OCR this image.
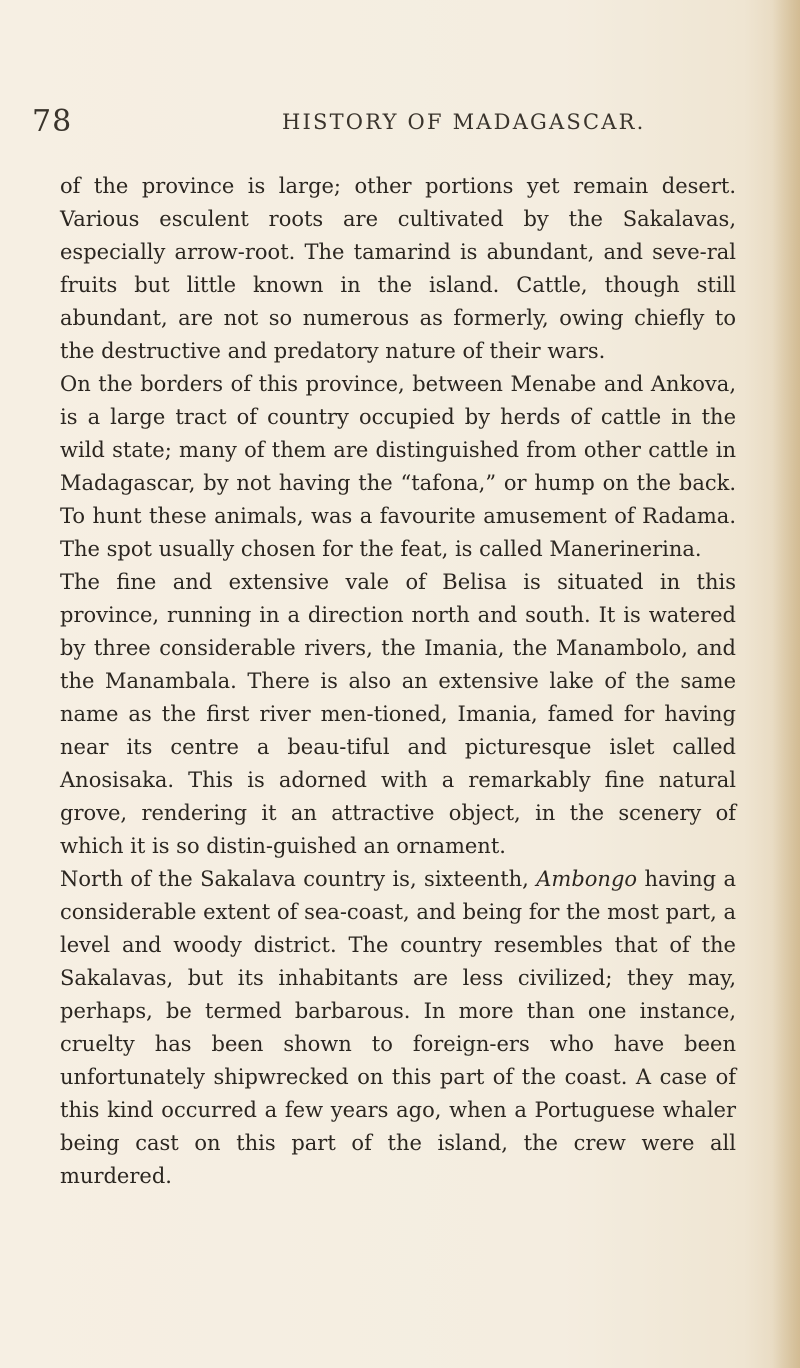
78	HISTORY OF MADAGASCAR.

of the province is large; other portions yet remain desert. Various esculent roots are cultivated by the Sakalavas, especially arrow-root. The tamarind is abundant, and seve-ral fruits but little known in the island. Cattle, though still abundant, are not so numerous as formerly, owing chiefly to the destructive and predatory nature of their wars.

On the borders of this province, between Menabe and Ankova, is a large tract of country occupied by herds of cattle in the wild state; many of them are distinguished from other cattle in Madagascar, by not having the “tafona,” or hump on the back. To hunt these animals, was a favourite amusement of Radama. The spot usually chosen for the feat, is called Manerinerina.

The fine and extensive vale of Belisa is situated in this province, running in a direction north and south. It is watered by three considerable rivers, the Imania, the Manambolo, and the Manambala. There is also an extensive lake of the same name as the first river men-tioned, Imania, famed for having near its centre a beau-tiful and picturesque islet called Anosisaka. This is adorned with a remarkably fine natural grove, rendering it an attractive object, in the scenery of which it is so distin-guished an ornament.

North of the Sakalava country is, sixteenth, Ambongo having a considerable extent of sea-coast, and being for the most part, a level and woody district. The country resembles that of the Sakalavas, but its inhabitants are less civilized; they may, perhaps, be termed barbarous. In more than one instance, cruelty has been shown to foreign-ers who have been unfortunately shipwrecked on this part of the coast. A case of this kind occurred a few years ago, when a Portuguese whaler being cast on this part of the island, the crew were all murdered.
